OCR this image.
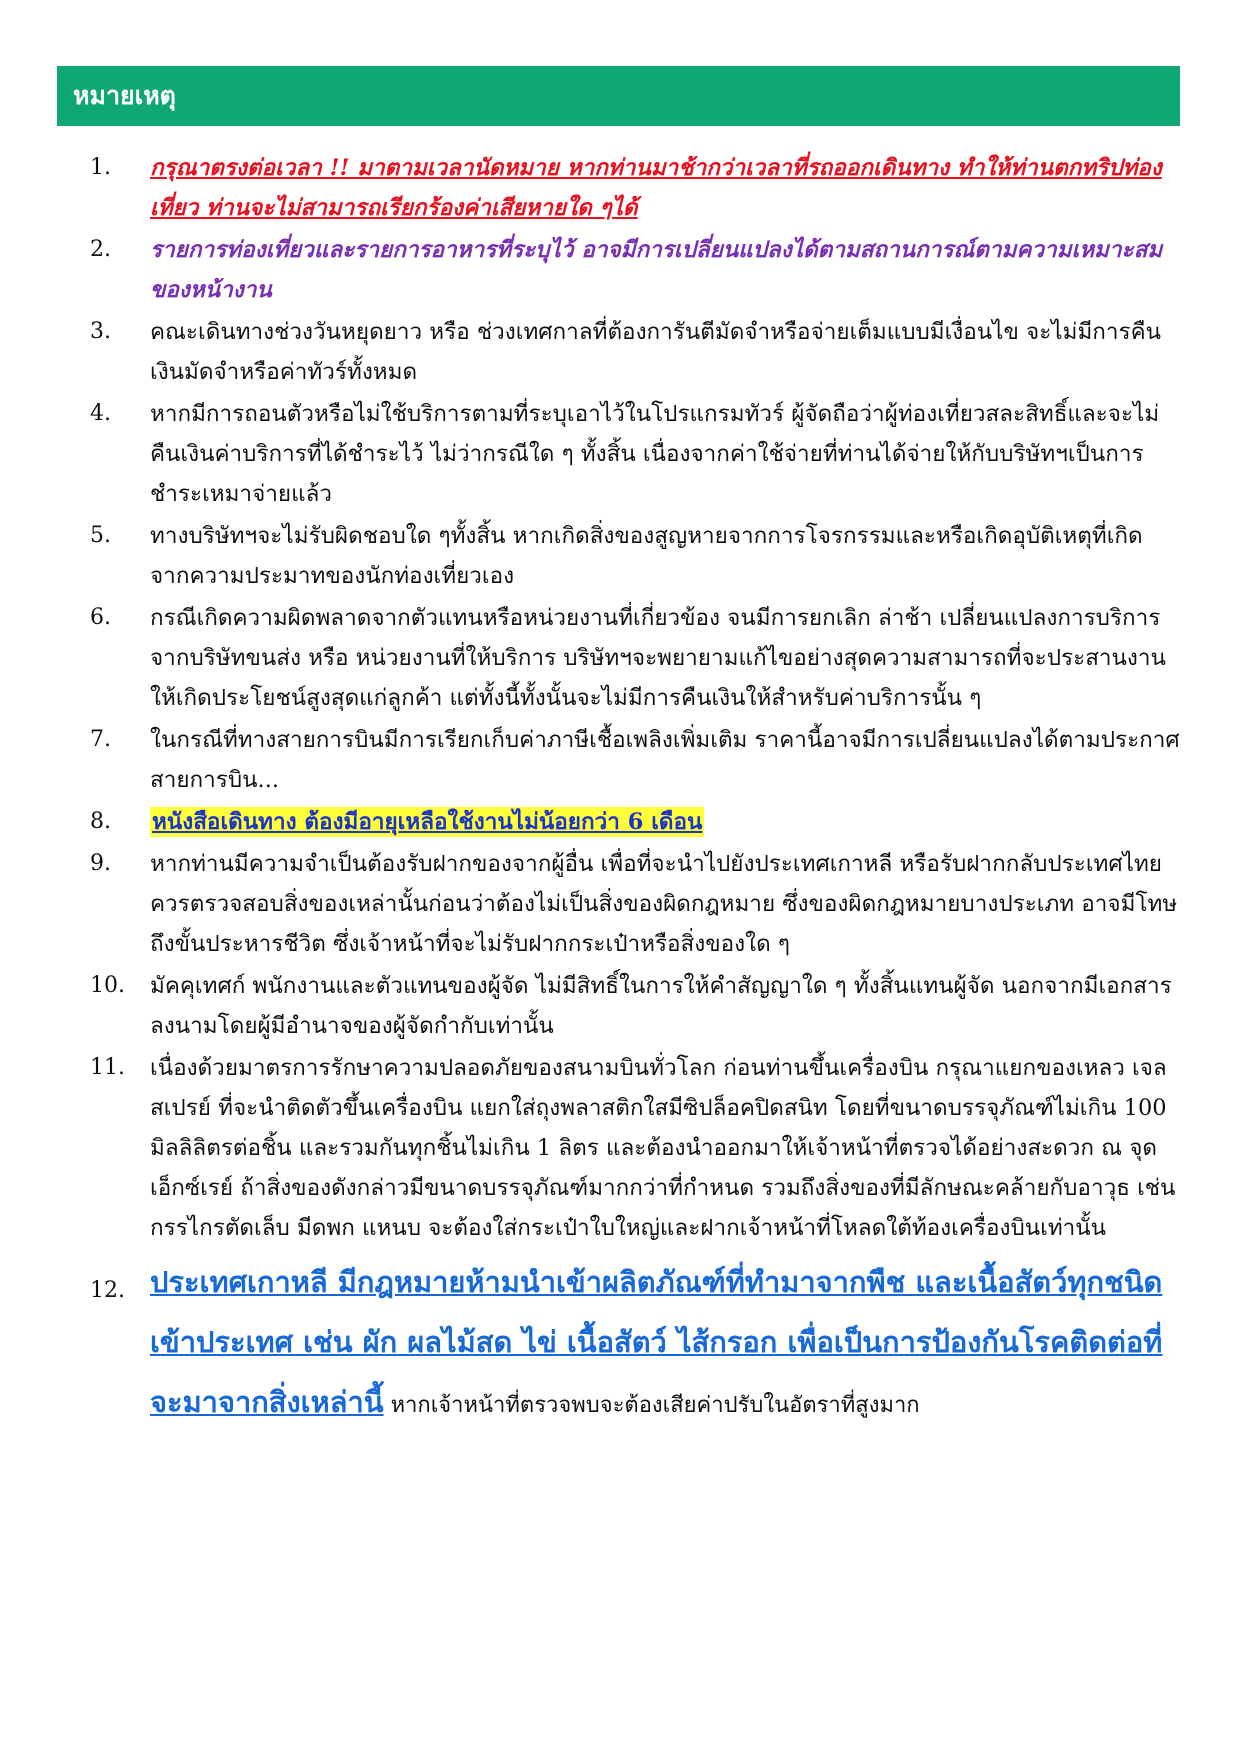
หมายเหตุ
1.	กรุณาตรงต่อเวลา !! มาตามเวลานัดหมาย หากท่านมาช้ากว่าเวลาที่รถออกเดินทาง ทำให้ท่านตกทริปท่องเที่ยว ท่านจะไม่สามารถเรียกร้องค่าเสียหายใด ๆได้
2.	รายการท่องเที่ยวและรายการอาหารที่ระบุไว้ อาจมีการเปลี่ยนแปลงได้ตามสถานการณ์ตามความเหมาะสมของหน้างาน
3.	คณะเดินทางช่วงวันหยุดยาว หรือ ช่วงเทศกาลที่ต้องการันตีมัดจำหรือจ่ายเต็มแบบมีเงื่อนไข จะไม่มีการคืนเงินมัดจำหรือค่าทัวร์ทั้งหมด
4.	หากมีการถอนตัวหรือไม่ใช้บริการตามที่ระบุเอาไว้ในโปรแกรมทัวร์ ผู้จัดถือว่าผู้ท่องเที่ยวสละสิทธิ์และจะไม่คืนเงินค่าบริการที่ได้ชำระไว้ ไม่ว่ากรณีใด ๆ ทั้งสิ้น เนื่องจากค่าใช้จ่ายที่ท่านได้จ่ายให้กับบริษัทฯเป็นการชำระเหมาจ่ายแล้ว
5.	ทางบริษัทฯจะไม่รับผิดชอบใด ๆทั้งสิ้น หากเกิดสิ่งของสูญหายจากการโจรกรรมและหรือเกิดอุบัติเหตุที่เกิดจากความประมาทของนักท่องเที่ยวเอง
6.	กรณีเกิดความผิดพลาดจากตัวแทนหรือหน่วยงานที่เกี่ยวข้อง จนมีการยกเลิก ล่าช้า เปลี่ยนแปลงการบริการจากบริษัทขนส่ง หรือ หน่วยงานที่ให้บริการ บริษัทฯจะพยายามแก้ไขอย่างสุดความสามารถที่จะประสานงานให้เกิดประโยชน์สูงสุดแก่ลูกค้า แต่ทั้งนี้ทั้งนั้นจะไม่มีการคืนเงินให้สำหรับค่าบริการนั้น ๆ
7.	ในกรณีที่ทางสายการบินมีการเรียกเก็บค่าภาษีเชื้อเพลิงเพิ่มเติม ราคานี้อาจมีการเปลี่ยนแปลงได้ตามประกาศสายการบิน...
8.	หนังสือเดินทาง ต้องมีอายุเหลือใช้งานไม่น้อยกว่า 6 เดือน
9.	หากท่านมีความจำเป็นต้องรับฝากของจากผู้อื่น เพื่อที่จะนำไปยังประเทศเกาหลี หรือรับฝากกลับประเทศไทย ควรตรวจสอบสิ่งของเหล่านั้นก่อนว่าต้องไม่เป็นสิ่งของผิดกฎหมาย ซึ่งของผิดกฎหมายบางประเภท อาจมีโทษถึงขั้นประหารชีวิต ซึ่งเจ้าหน้าที่จะไม่รับฝากกระเป๋าหรือสิ่งของใด ๆ
10.	มัคคุเทศก์ พนักงานและตัวแทนของผู้จัด ไม่มีสิทธิ์ในการให้คำสัญญาใด ๆ ทั้งสิ้นแทนผู้จัด นอกจากมีเอกสารลงนามโดยผู้มีอำนาจของผู้จัดกำกับเท่านั้น
11.	เนื่องด้วยมาตรการรักษาความปลอดภัยของสนามบินทั่วโลก ก่อนท่านขึ้นเครื่องบิน กรุณาแยกของเหลว เจล สเปรย์ ที่จะนำติดตัวขึ้นเครื่องบิน แยกใส่ถุงพลาสติกใสมีซิปล็อคปิดสนิท โดยที่ขนาดบรรจุภัณฑ์ไม่เกิน 100 มิลลิลิตรต่อชิ้น และรวมกันทุกชิ้นไม่เกิน 1 ลิตร และต้องนำออกมาให้เจ้าหน้าที่ตรวจได้อย่างสะดวก ณ จุดเอ็กซ์เรย์ ถ้าสิ่งของดังกล่าวมีขนาดบรรจุภัณฑ์มากกว่าที่กำหนด รวมถึงสิ่งของที่มีลักษณะคล้ายกับอาวุธ เช่น กรรไกรตัดเล็บ มีดพก แหนบ จะต้องใส่กระเป๋าใบใหญ่และฝากเจ้าหน้าที่โหลดใต้ท้องเครื่องบินเท่านั้น
12. ประเทศเกาหลี มีกฎหมายห้ามนำเข้าผลิตภัณฑ์ที่ทำมาจากพืช และเนื้อสัตว์ทุกชนิดเข้าประเทศ เช่น ผัก ผลไม้สด ไข่ เนื้อสัตว์ ไส้กรอก เพื่อเป็นการป้องกันโรคติดต่อที่จะมาจากสิ่งเหล่านี้ หากเจ้าหน้าที่ตรวจพบจะต้องเสียค่าปรับในอัตราที่สูงมาก
